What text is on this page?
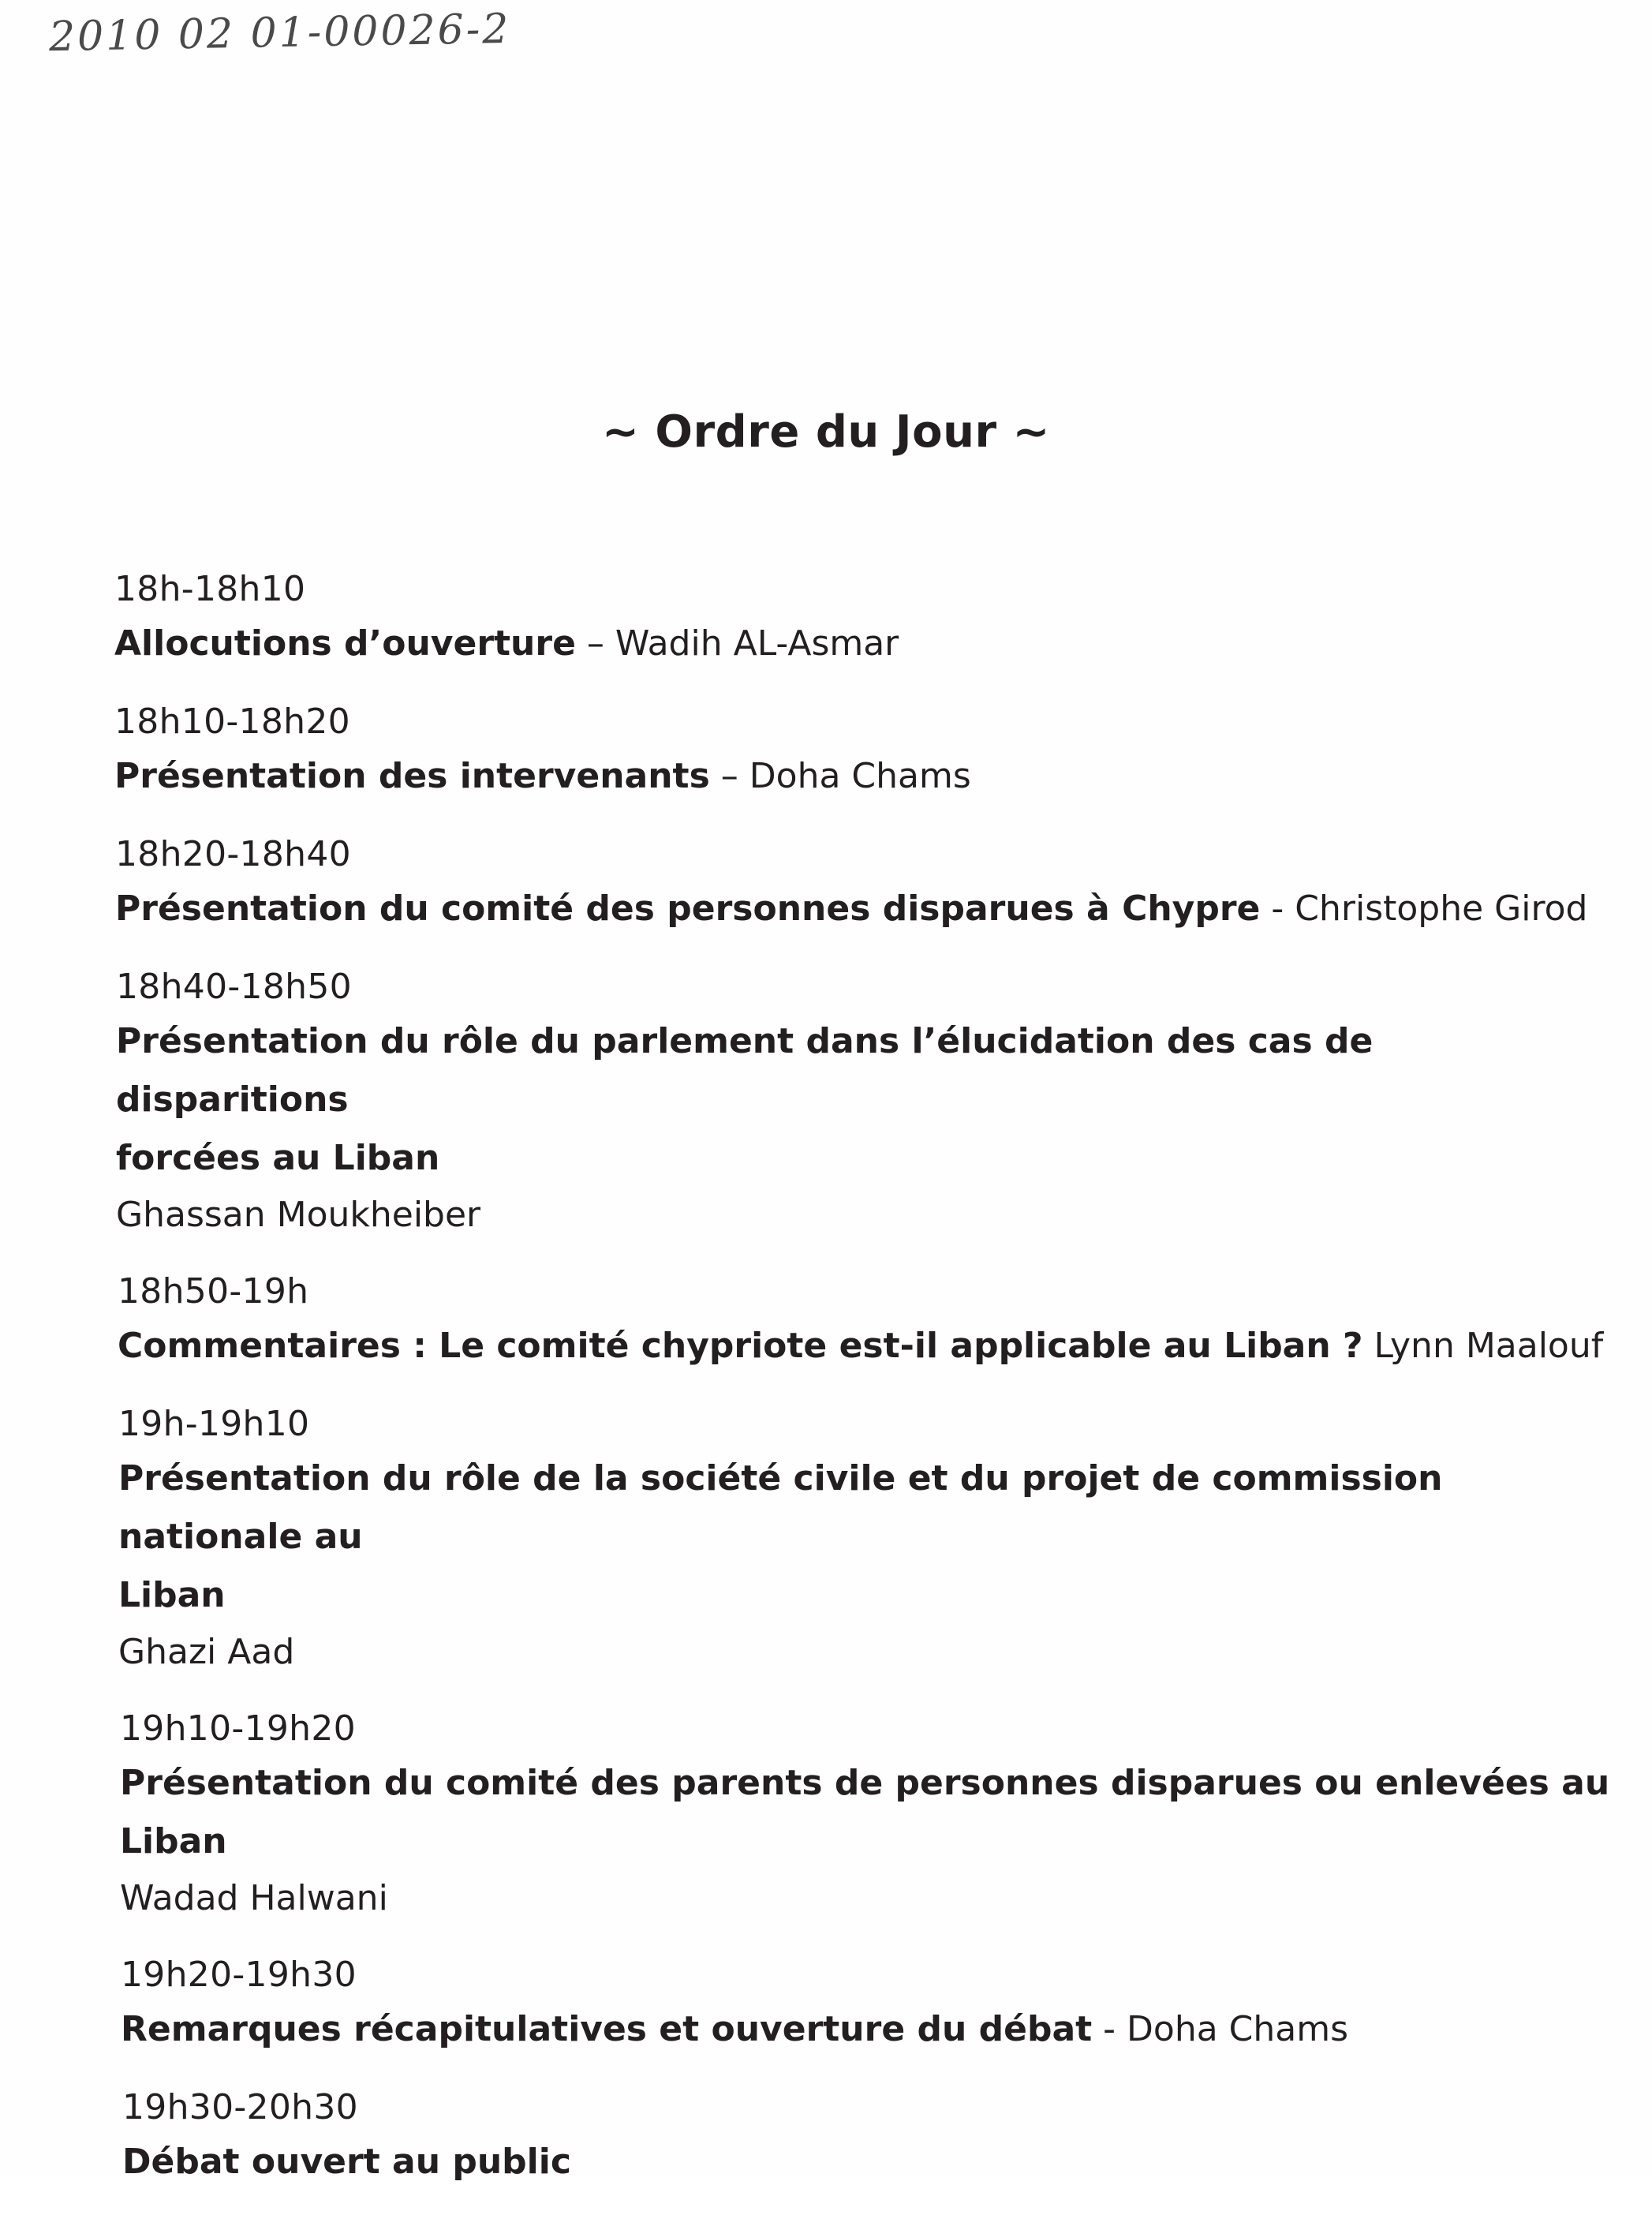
2010 02 01-00026-2
~ Ordre du Jour ~
18h-18h10
Allocutions d’ouverture – Wadih AL-Asmar
18h10-18h20
Présentation des intervenants – Doha Chams
18h20-18h40
Présentation du comité des personnes disparues à Chypre - Christophe Girod
18h40-18h50
Présentation du rôle du parlement dans l’élucidation des cas de disparitions
forcées au Liban
Ghassan Moukheiber
18h50-19h
Commentaires : Le comité chypriote est-il applicable au Liban ? Lynn Maalouf
19h-19h10
Présentation du rôle de la société civile et du projet de commission nationale au
Liban
Ghazi Aad
19h10-19h20
Présentation du comité des parents de personnes disparues ou enlevées au
Liban
Wadad Halwani
19h20-19h30
Remarques récapitulatives et ouverture du débat - Doha Chams
19h30-20h30
Débat ouvert au public
